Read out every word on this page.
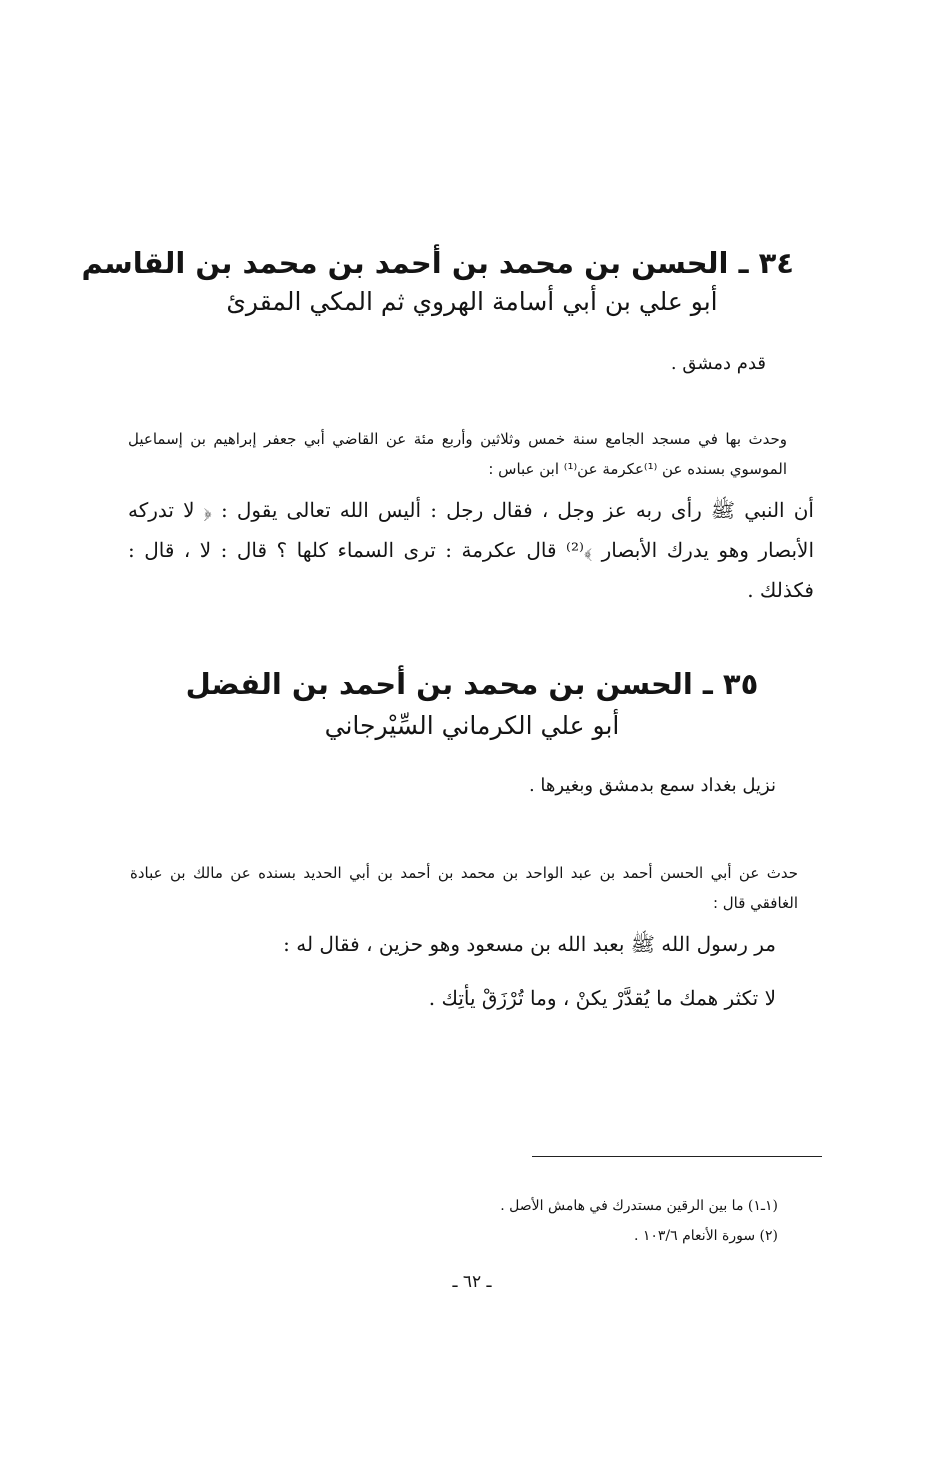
٣٤ ـ الحسن بن محمد بن أحمد بن محمد بن القاسم
أبو علي بن أبي أسامة الهروي ثم المكي المقرئ
قدم دمشق .
وحدث بها في مسجد الجامع سنة خمس وثلاثين وأربع مئة عن القاضي أبي جعفر إبراهيم بن إسماعيل الموسوي بسنده عن ⁽¹⁾عكرمة عن⁽¹⁾ ابن عباس :
أن النبي ﷺ رأى ربه عز وجل ، فقال رجل : أليس الله تعالى يقول : ﴿ لا تدركه الأبصار وهو يدرك الأبصار ﴾⁽²⁾ قال عكرمة : ترى السماء كلها ؟ قال : لا ، قال : فكذلك .
٣٥ ـ الحسن بن محمد بن أحمد بن الفضل
أبو علي الكرماني السِّيْرجاني
نزيل بغداد سمع بدمشق وبغيرها .
حدث عن أبي الحسن أحمد بن عبد الواحد بن محمد بن أحمد بن أبي الحديد بسنده عن مالك بن عبادة الغافقي قال :
مر رسول الله ﷺ بعبد الله بن مسعود وهو حزين ، فقال له :
لا تكثر همك ما يُقدَّرْ يكنْ ، وما تُرْزَقْ يأتِك .
(١ـ١) ما بين الرقين مستدرك في هامش الأصل .
(٢) سورة الأنعام ١٠٣/٦ .
ـ ٦٢ ـ
